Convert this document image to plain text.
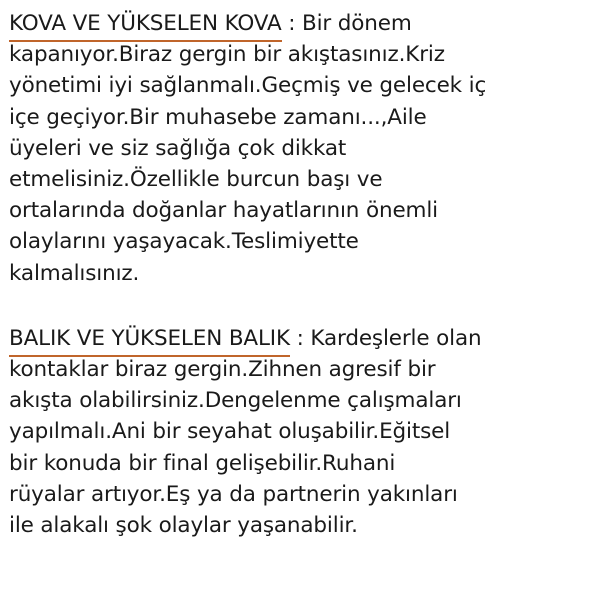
KOVA VE YÜKSELEN KOVA : Bir dönem
kapanıyor.Biraz gergin bir akıştasınız.Kriz
yönetimi iyi sağlanmalı.Geçmiş ve gelecek iç
içe geçiyor.Bir muhasebe zamanı...,Aile
üyeleri ve siz sağlığa çok dikkat
etmelisiniz.Özellikle burcun başı ve
ortalarında doğanlar hayatlarının önemli
olaylarını yaşayacak.Teslimiyette
kalmalısınız.
BALIK VE YÜKSELEN BALIK : Kardeşlerle olan
kontaklar biraz gergin.Zihnen agresif bir
akışta olabilirsiniz.Dengelenme çalışmaları
yapılmalı.Ani bir seyahat oluşabilir.Eğitsel
bir konuda bir final gelişebilir.Ruhani
rüyalar artıyor.Eş ya da partnerin yakınları
ile alakalı şok olaylar yaşanabilir.
